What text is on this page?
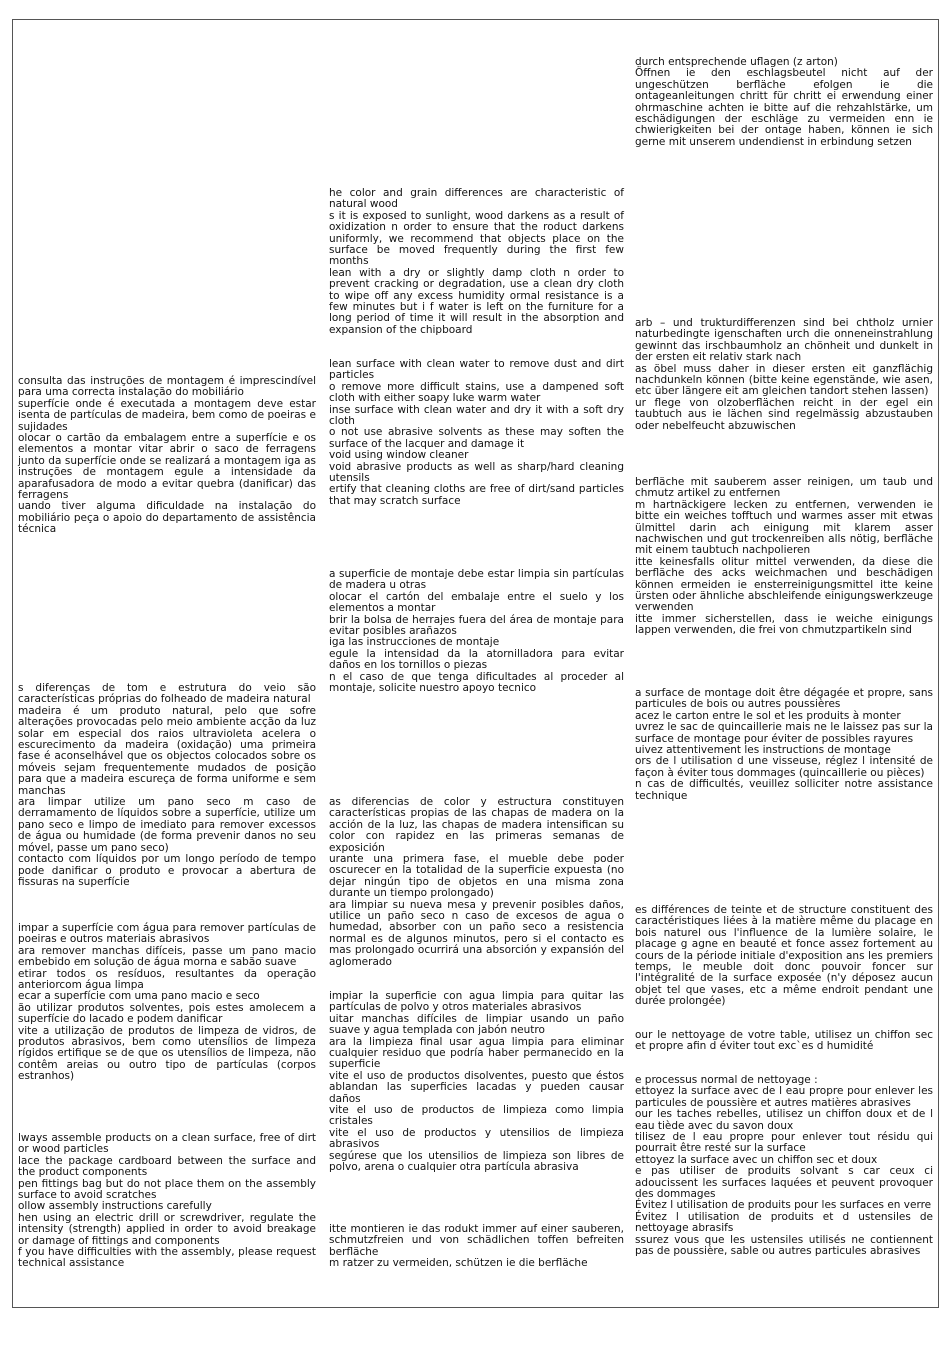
consulta das instruções de montagem é imprescindível para uma correcta instalação do mobiliário

superfície onde é executada a montagem deve estar isenta de partículas de madeira, bem como de poeiras e sujidades

olocar o cartão da embalagem entre a superfície e os elementos a montar vitar abrir o saco de ferragens junto da superfície onde se realizará a montagem iga as instruções de montagem egule a intensidade da aparafusadora de modo a evitar quebra (danificar) das ferragens

uando tiver alguma dificuldade na instalação do mobiliário peça o apoio do departamento de assistência técnica

s diferenças de tom e estrutura do veio são características próprias do folheado de madeira natural

madeira é um produto natural, pelo que sofre alterações provocadas pelo meio ambiente acção da luz solar em especial dos raios ultravioleta acelera o escurecimento da madeira (oxidação) uma primeira fase é aconselhável que os objectos colocados sobre os móveis sejam frequentemente mudados de posição para que a madeira escureça de forma uniforme e sem manchas

ara limpar utilize um pano seco m caso de derramamento de líquidos sobre a superfície, utilize um pano seco e limpo de imediato para remover excessos de água ou humidade (de forma prevenir danos no seu móvel, passe um pano seco)

contacto com líquidos por um longo período de tempo pode danificar o produto e provocar a abertura de fissuras na superfície

impar a superfície com água para remover partículas de poeiras e outros materiais abrasivos

ara remover manchas difíceis, passe um pano macio embebido em solução de água morna e sabão suave

etirar todos os resíduos, resultantes da operação anteriorcom água limpa

ecar a superfície com uma pano macio e seco

ão utilizar produtos solventes, pois estes amolecem a superfície do lacado e podem danificar

vite a utilização de produtos de limpeza de vidros, de produtos abrasivos, bem como utensílios de limpeza rígidos ertifique se de que os utensílios de limpeza, não contêm areias ou outro tipo de partículas (corpos estranhos)

lways assemble products on a clean surface, free of dirt or wood particles

lace the package cardboard between the surface and the product components

pen fittings bag but do not place them on the assembly surface to avoid scratches

ollow assembly instructions carefully

hen using an electric drill or screwdriver, regulate the intensity (strength) applied in order to avoid breakage or damage of fittings and components

f you have difficulties with the assembly, please request technical assistance

he color and grain differences are characteristic of natural wood

s it is exposed to sunlight, wood darkens as a result of oxidization n order to ensure that the roduct darkens uniformly, we recommend that objects place on the surface be moved frequently during the first few months

lean with a dry or slightly damp cloth n order to prevent cracking or degradation, use a clean dry cloth to wipe off any excess humidity ormal resistance is a few minutes but i f water is left on the furniture for a long period of time it will result in the absorption and expansion of the chipboard

lean surface with clean water to remove dust and dirt particles

o remove more difficult stains, use a dampened soft cloth with either soapy luke warm water

inse surface with clean water and dry it with a soft dry cloth

o not use abrasive solvents as these may soften the surface of the lacquer and damage it

void using window cleaner

void abrasive products as well as sharp/hard cleaning utensils

ertify that cleaning cloths are free of dirt/sand particles that may scratch surface

a superficie de montaje debe estar limpia sin partículas de madera u otras

olocar el cartón del embalaje entre el suelo y los elementos a montar

brir la bolsa de herrajes fuera del área de montaje para evitar posibles arañazos

iga las instrucciones de montaje

egule la intensidad da la atornilladora para evitar daños en los tornillos o piezas

n el caso de que tenga dificultades al proceder al montaje, solicite nuestro apoyo tecnico

as diferencias de color y estructura constituyen características propias de las chapas de madera on la acción de la luz, las chapas de madera intensifican su color con rapidez en las primeras semanas de exposición

urante una primera fase, el mueble debe poder oscurecer en la totalidad de la superficie expuesta (no dejar ningún tipo de objetos en una misma zona durante un tiempo prolongado)

ara limpiar su nueva mesa y prevenir posibles daños, utilice un paño seco n caso de excesos de agua o humedad, absorber con un paño seco a resistencia normal es de algunos minutos, pero si el contacto es mas prolongado ocurrirá una absorción y expansión del aglomerado

impiar la superficie con agua limpia para quitar las partículas de polvo y otros materiales abrasivos

uitar manchas difíciles de limpiar usando un paño suave y agua templada con jabón neutro

ara la limpieza final usar agua limpia para eliminar cualquier residuo que podría haber permanecido en la superficie

vite el uso de productos disolventes, puesto que éstos ablandan las superficies lacadas y pueden causar daños

vite el uso de productos de limpieza como limpia cristales

vite el uso de productos y utensilios de limpieza abrasivos

segúrese que los utensilios de limpieza son libres de polvo, arena o cualquier otra partícula abrasiva

itte montieren ie das rodukt immer auf einer sauberen, schmutzfreien und von schädlichen toffen befreiten berfläche

m ratzer zu vermeiden, schützen ie die berfläche

durch entsprechende uflagen (z arton)

Öffnen ie den eschlagsbeutel nicht auf der ungeschützen berfläche efolgen ie die ontageanleitungen chritt für chritt ei erwendung einer ohrmaschine achten ie bitte auf die rehzahlstärke, um eschädigungen der eschläge zu vermeiden enn ie chwierigkeiten bei der ontage haben, können ie sich gerne mit unserem undendienst in erbindung setzen

arb – und trukturdifferenzen sind bei chtholz urnier naturbedingte igenschaften urch die onneneinstrahlung gewinnt das irschbaumholz an chönheit und dunkelt in der ersten eit relativ stark nach

as öbel muss daher in dieser ersten eit ganzflächig nachdunkeln können (bitte keine egenstände, wie asen, etc über längere eit am gleichen tandort stehen lassen)

ur flege von olzoberflächen reicht in der egel ein taubtuch aus ie lächen sind regelmässig abzustauben oder nebelfeucht abzuwischen

berfläche mit sauberem asser reinigen, um taub und chmutz artikel zu entfernen

m hartnäckigere lecken zu entfernen, verwenden ie bitte ein weiches tofftuch und warmes asser mit etwas ülmittel darin ach einigung mit klarem asser nachwischen und gut trockenreiben alls nötig, berfläche mit einem taubtuch nachpolieren

itte keinesfalls olitur mittel verwenden, da diese die berfläche des acks weichmachen und beschädigen können ermeiden ie ensterreinigungsmittel itte keine ürsten oder ähnliche abschleifende einigungswerkzeuge verwenden

itte immer sicherstellen, dass ie weiche einigungs lappen verwenden, die frei von chmutzpartikeln sind

a surface de montage doit être dégagée et propre, sans particules de bois ou autres poussières

acez le carton entre le sol et les produits à monter

uvrez le sac de quincaillerie mais ne le laissez pas sur la surface de montage pour éviter de possibles rayures

uivez attentivement les instructions de montage

ors de l utilisation d une visseuse, réglez l intensité de façon à éviter tous dommages (quincaillerie ou pièces)

n cas de difficultés, veuillez solliciter notre assistance technique

es différences de teinte et de structure constituent des caractéristiques liées à la matière même du placage en bois naturel ous l'influence de la lumière solaire, le placage g agne en beauté et fonce assez fortement au cours de la période initiale d'exposition ans les premiers temps, le meuble doit donc pouvoir foncer sur l'intégralité de la surface exposée (n'y déposez aucun objet tel que vases, etc a même endroit pendant une durée prolongée)

our le nettoyage de votre table, utilisez un chiffon sec et propre afin d éviter tout exc`es d humidité

e processus normal de nettoyage :

ettoyez la surface avec de l eau propre pour enlever les particules de poussière et autres matières abrasives

our les taches rebelles, utilisez un chiffon doux et de l eau tiède avec du savon doux

tilisez de l eau propre pour enlever tout résidu qui pourrait être resté sur la surface

ettoyez la surface avec un chiffon sec et doux

e pas utiliser de produits solvant s car ceux ci adoucissent les surfaces laquées et peuvent provoquer des dommages

Évitez l utilisation de produits pour les surfaces en verre

Évitez l utilisation de produits et d ustensiles de nettoyage abrasifs

ssurez vous que les ustensiles utilisés ne contiennent pas de poussière, sable ou autres particules abrasives
